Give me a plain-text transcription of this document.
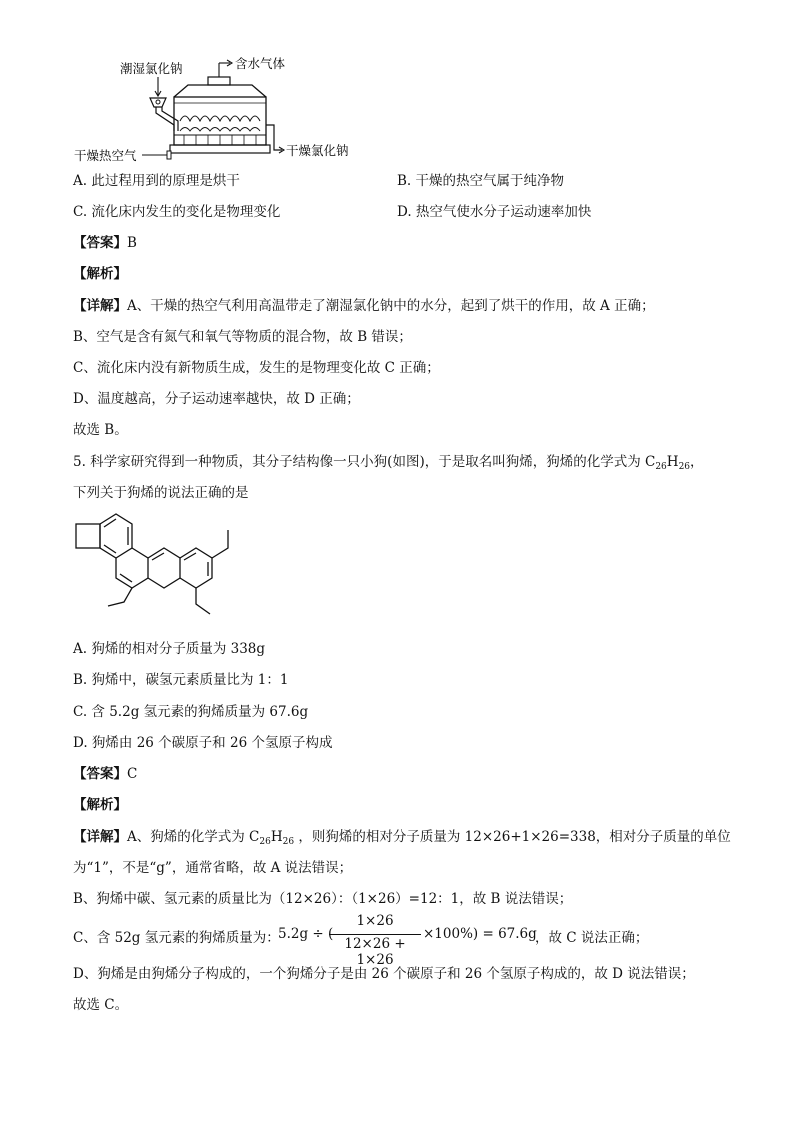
潮湿氯化钠	含水气体
干燥热空气	干燥氯化钠
A. 此过程用到的原理是烘干	B. 干燥的热空气属于纯净物
C. 流化床内发生的变化是物理变化	D. 热空气使水分子运动速率加快
【答案】B
【解析】
【详解】A、干燥的热空气利用高温带走了潮湿氯化钠中的水分，起到了烘干的作用，故 A 正确；
B、空气是含有氮气和氧气等物质的混合物，故 B 错误；
C、流化床内没有新物质生成，发生的是物理变化故 C 正确；
D、温度越高，分子运动速率越快，故 D 正确；
故选 B。
5. 科学家研究得到一种物质，其分子结构像一只小狗(如图)，于是取名叫狗烯，狗烯的化学式为 $C_{26}H_{26}$，
下列关于狗烯的说法正确的是
A. 狗烯的相对分子质量为 338g
B. 狗烯中，碳氢元素质量比为 1：1
C. 含 5.2g 氢元素的狗烯质量为 67.6g
D. 狗烯由 26 个碳原子和 26 个氢原子构成
【答案】C
【解析】
【详解】A、狗烯的化学式为 $C_{26}H_{26}$ ，则狗烯的相对分子质量为 12×26+1×26=338，相对分子质量的单位
为“1”，不是“g”，通常省略，故 A 说法错误；
B、狗烯中碳、氢元素的质量比为（12×26）：（1×26）=12：1，故 B 说法错误；
C、含 52g 氢元素的狗烯质量为：
5.2g ÷ (
1×26
12×26 + 1×26
×100%) = 67.6g
，故 C 说法正确；
D、狗烯是由狗烯分子构成的，一个狗烯分子是由 26 个碳原子和 26 个氢原子构成的，故 D 说法错误；
故选 C。
